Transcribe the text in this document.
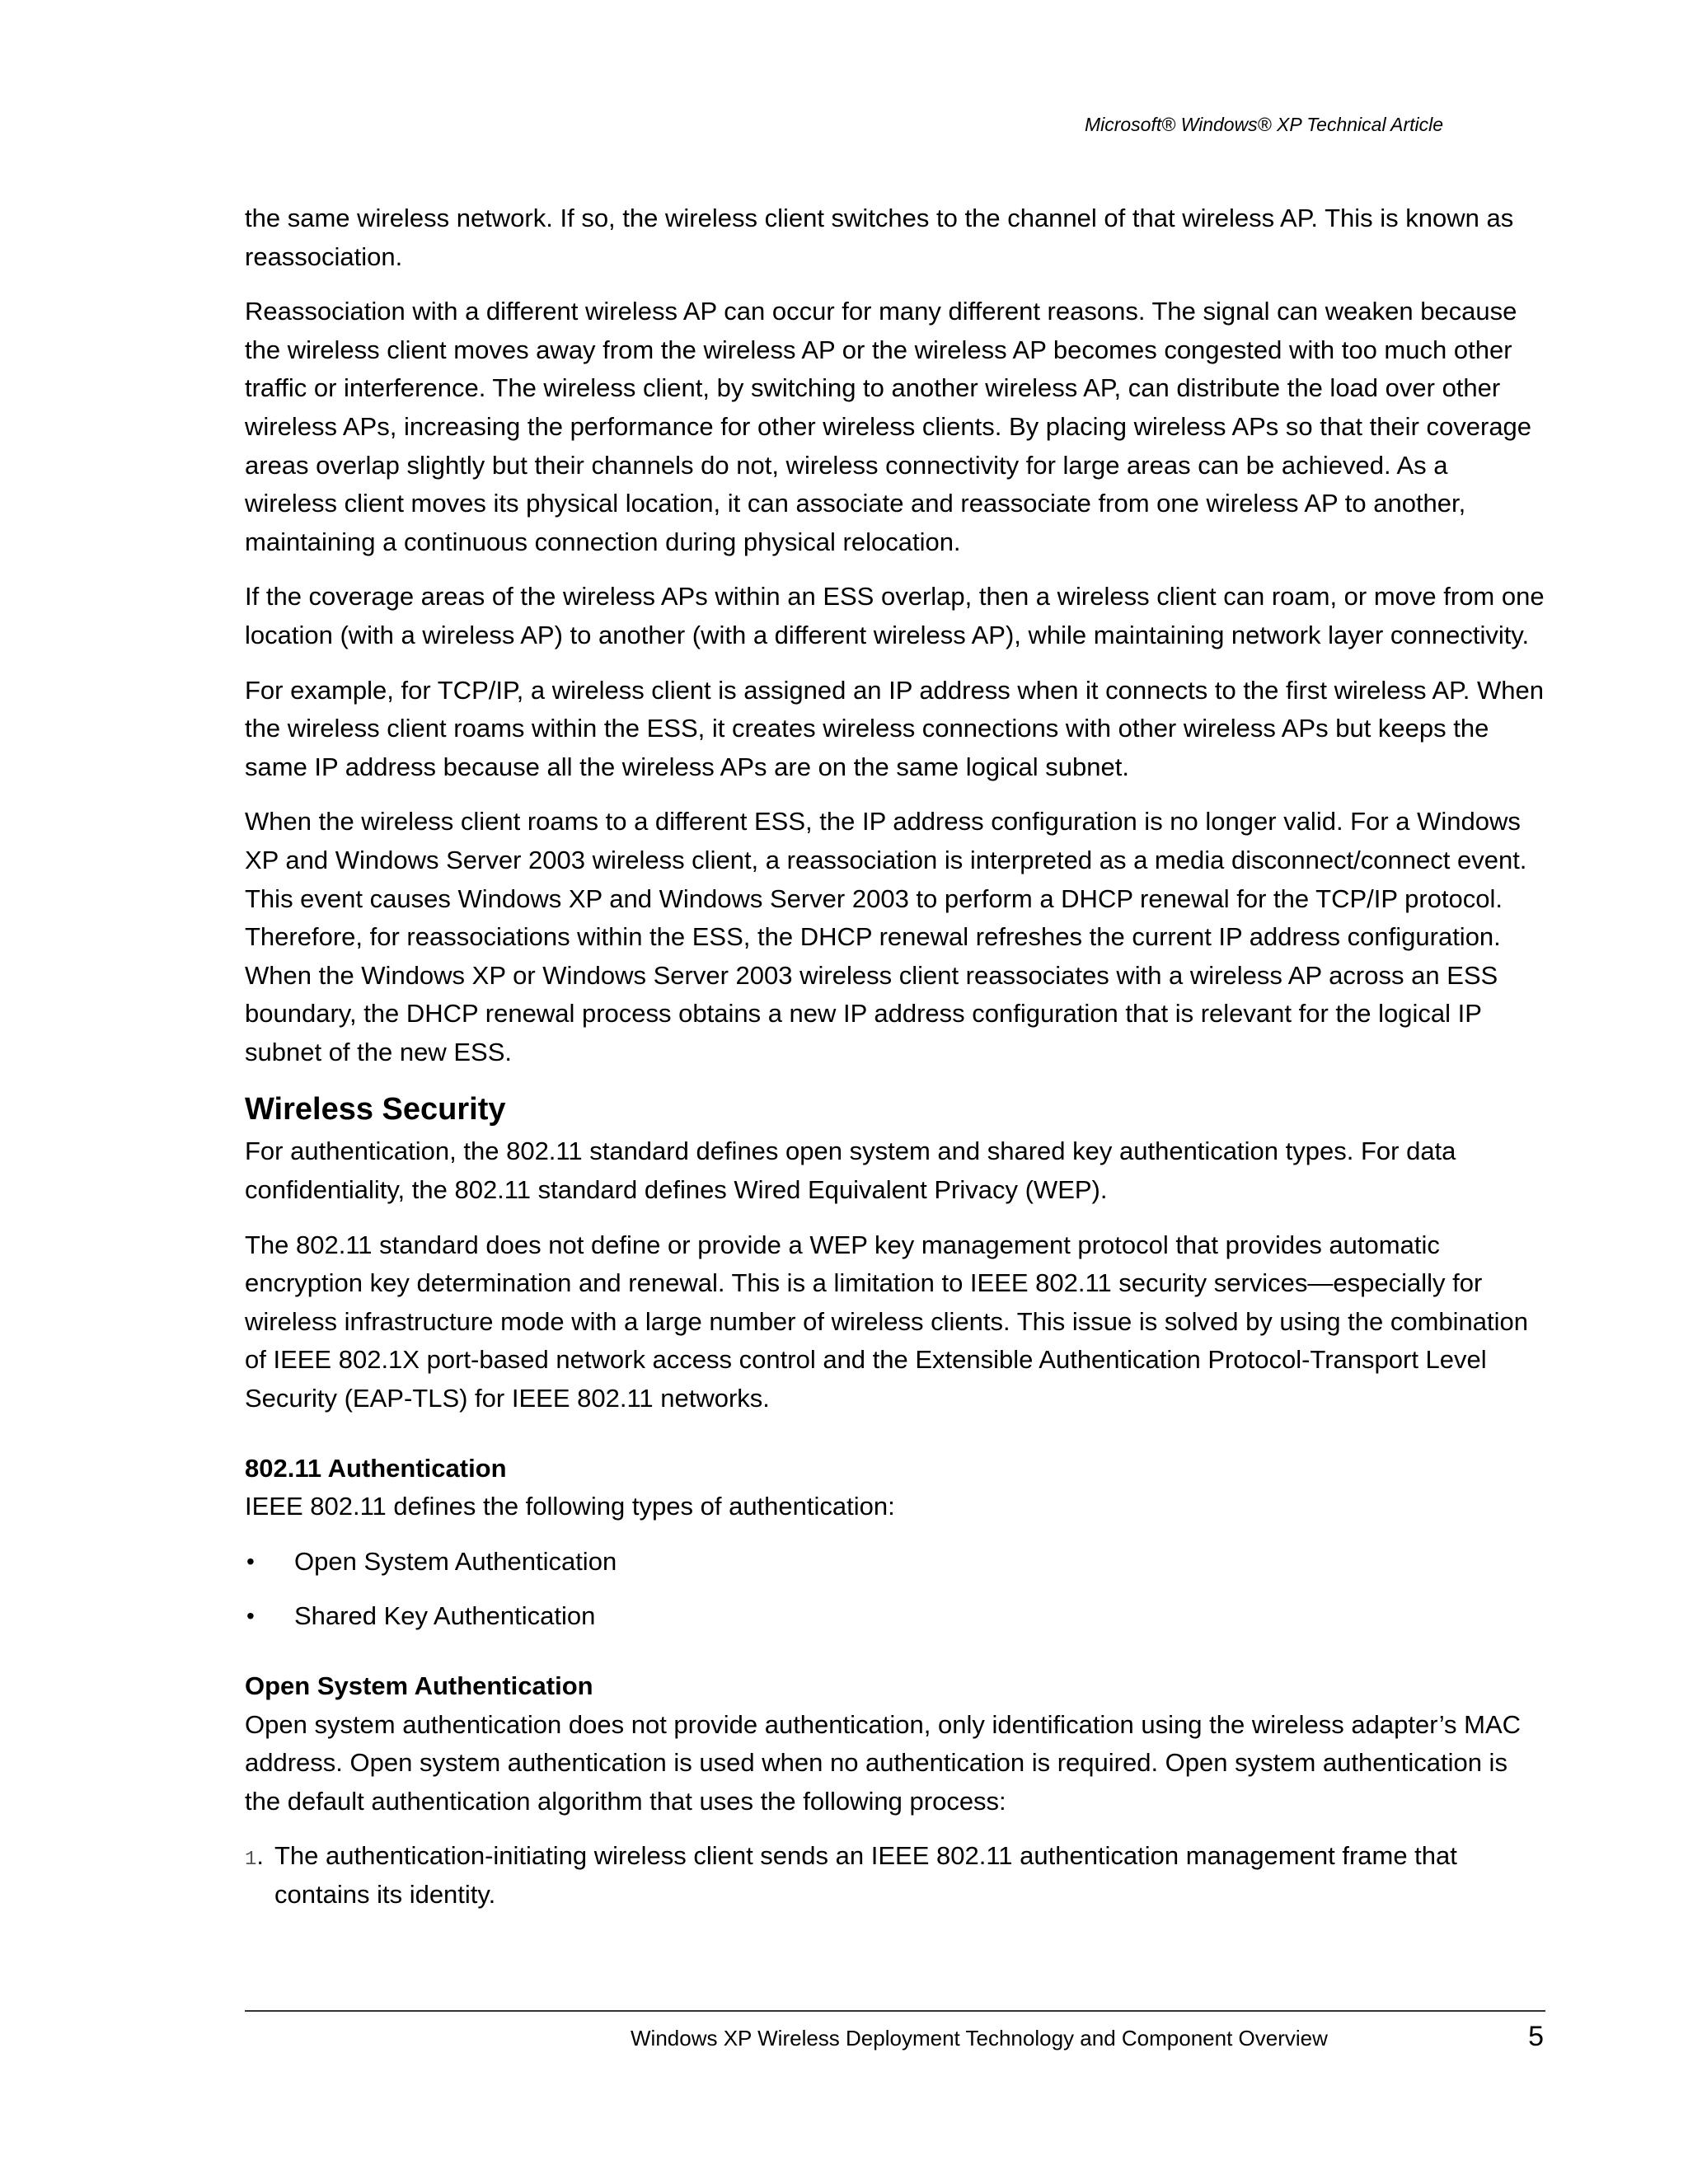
Microsoft® Windows® XP Technical Article

the same wireless network. If so, the wireless client switches to the channel of that wireless AP. This is known as reassociation.

Reassociation with a different wireless AP can occur for many different reasons. The signal can weaken because the wireless client moves away from the wireless AP or the wireless AP becomes congested with too much other traffic or interference. The wireless client, by switching to another wireless AP, can distribute the load over other wireless APs, increasing the performance for other wireless clients. By placing wireless APs so that their coverage areas overlap slightly but their channels do not, wireless connectivity for large areas can be achieved. As a wireless client moves its physical location, it can associate and reassociate from one wireless AP to another, maintaining a continuous connection during physical relocation.

If the coverage areas of the wireless APs within an ESS overlap, then a wireless client can roam, or move from one location (with a wireless AP) to another (with a different wireless AP), while maintaining network layer connectivity.

For example, for TCP/IP, a wireless client is assigned an IP address when it connects to the first wireless AP. When the wireless client roams within the ESS, it creates wireless connections with other wireless APs but keeps the same IP address because all the wireless APs are on the same logical subnet.

When the wireless client roams to a different ESS, the IP address configuration is no longer valid. For a Windows XP and Windows Server 2003 wireless client, a reassociation is interpreted as a media disconnect/connect event. This event causes Windows XP and Windows Server 2003 to perform a DHCP renewal for the TCP/IP protocol. Therefore, for reassociations within the ESS, the DHCP renewal refreshes the current IP address configuration. When the Windows XP or Windows Server 2003 wireless client reassociates with a wireless AP across an ESS boundary, the DHCP renewal process obtains a new IP address configuration that is relevant for the logical IP subnet of the new ESS.

Wireless Security

For authentication, the 802.11 standard defines open system and shared key authentication types. For data confidentiality, the 802.11 standard defines Wired Equivalent Privacy (WEP).

The 802.11 standard does not define or provide a WEP key management protocol that provides automatic encryption key determination and renewal. This is a limitation to IEEE 802.11 security services—especially for wireless infrastructure mode with a large number of wireless clients. This issue is solved by using the combination of IEEE 802.1X port-based network access control and the Extensible Authentication Protocol-Transport Level Security (EAP-TLS) for IEEE 802.11 networks.

802.11 Authentication

IEEE 802.11 defines the following types of authentication:

• Open System Authentication
• Shared Key Authentication
Open System Authentication

Open system authentication does not provide authentication, only identification using the wireless adapter’s MAC address. Open system authentication is used when no authentication is required. Open system authentication is the default authentication algorithm that uses the following process:

1. The authentication-initiating wireless client sends an IEEE 802.11 authentication management frame that contains its identity.
Windows XP Wireless Deployment Technology and Component Overview	5
